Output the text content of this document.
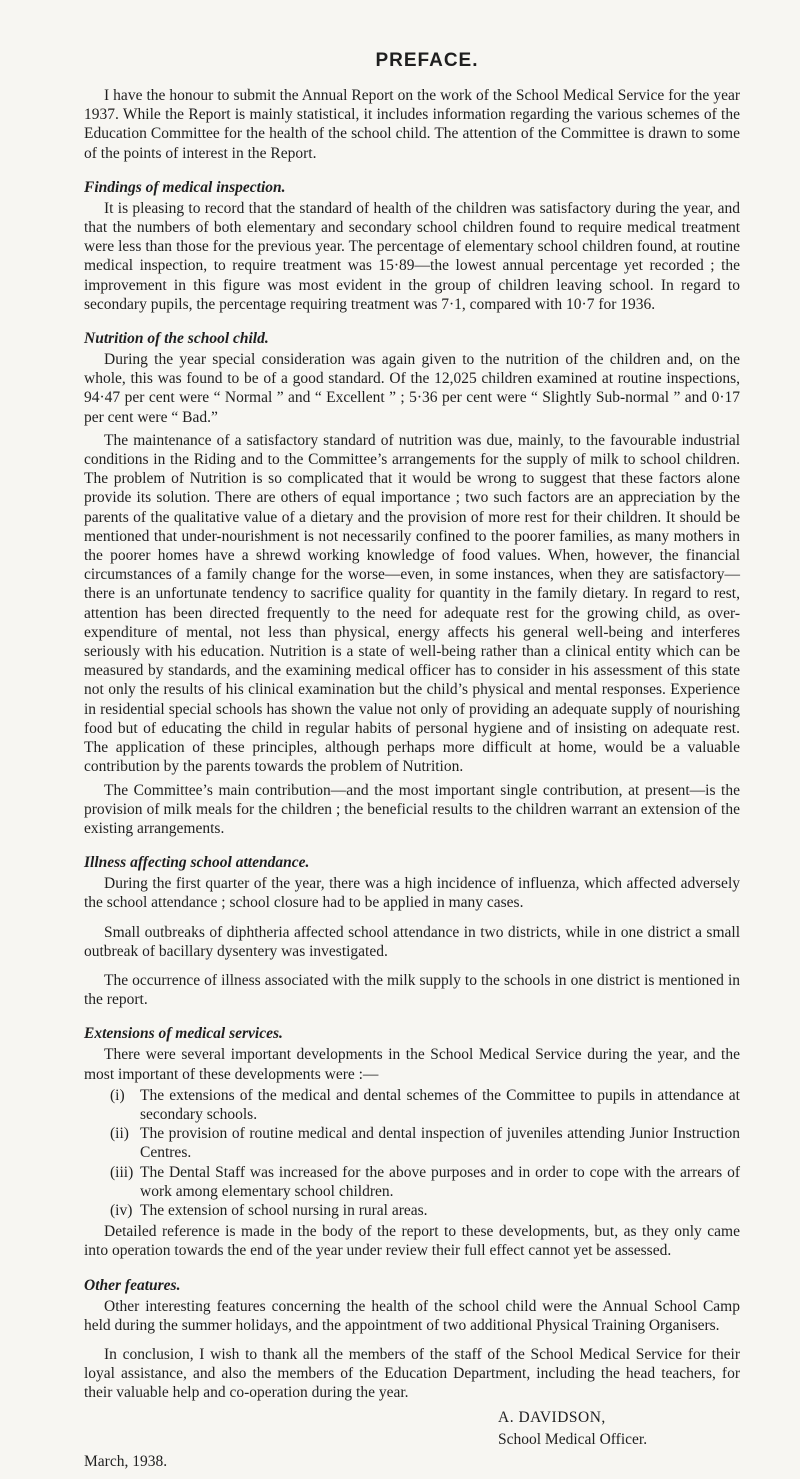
PREFACE.

I have the honour to submit the Annual Report on the work of the School Medical Service for the year 1937. While the Report is mainly statistical, it includes information regarding the various schemes of the Education Committee for the health of the school child. The attention of the Committee is drawn to some of the points of interest in the Report.

Findings of medical inspection.

It is pleasing to record that the standard of health of the children was satisfactory during the year, and that the numbers of both elementary and secondary school children found to require medical treatment were less than those for the previous year. The percentage of elementary school children found, at routine medical inspection, to require treatment was 15·89—the lowest annual percentage yet recorded ; the improvement in this figure was most evident in the group of children leaving school. In regard to secondary pupils, the percentage requiring treatment was 7·1, compared with 10·7 for 1936.

Nutrition of the school child.

During the year special consideration was again given to the nutrition of the children and, on the whole, this was found to be of a good standard. Of the 12,025 children examined at routine inspections, 94·47 per cent were “ Normal ” and “ Excellent ” ; 5·36 per cent were “ Slightly Sub-normal ” and 0·17 per cent were “ Bad.”

The maintenance of a satisfactory standard of nutrition was due, mainly, to the favourable industrial conditions in the Riding and to the Committee’s arrangements for the supply of milk to school children. The problem of Nutrition is so complicated that it would be wrong to suggest that these factors alone provide its solution. There are others of equal importance ; two such factors are an appreciation by the parents of the qualitative value of a dietary and the provision of more rest for their children. It should be mentioned that under-nourishment is not necessarily confined to the poorer families, as many mothers in the poorer homes have a shrewd working knowledge of food values. When, however, the financial circumstances of a family change for the worse—even, in some instances, when they are satisfactory—there is an unfortunate tendency to sacrifice quality for quantity in the family dietary. In regard to rest, attention has been directed frequently to the need for adequate rest for the growing child, as over-expenditure of mental, not less than physical, energy affects his general well-being and interferes seriously with his education. Nutrition is a state of well-being rather than a clinical entity which can be measured by standards, and the examining medical officer has to consider in his assessment of this state not only the results of his clinical examination but the child’s physical and mental responses. Experience in residential special schools has shown the value not only of providing an adequate supply of nourishing food but of educating the child in regular habits of personal hygiene and of insisting on adequate rest. The application of these principles, although perhaps more difficult at home, would be a valuable contribution by the parents towards the problem of Nutrition.

The Committee’s main contribution—and the most important single contribution, at present—is the provision of milk meals for the children ; the beneficial results to the children warrant an extension of the existing arrangements.

Illness affecting school attendance.

During the first quarter of the year, there was a high incidence of influenza, which affected adversely the school attendance ; school closure had to be applied in many cases.

Small outbreaks of diphtheria affected school attendance in two districts, while in one district a small outbreak of bacillary dysentery was investigated.

The occurrence of illness associated with the milk supply to the schools in one district is mentioned in the report.

Extensions of medical services.

There were several important developments in the School Medical Service during the year, and the most important of these developments were :—

(i) The extensions of the medical and dental schemes of the Committee to pupils in attendance at secondary schools.
(ii) The provision of routine medical and dental inspection of juveniles attending Junior Instruction Centres.
(iii) The Dental Staff was increased for the above purposes and in order to cope with the arrears of work among elementary school children.
(iv) The extension of school nursing in rural areas.

Detailed reference is made in the body of the report to these developments, but, as they only came into operation towards the end of the year under review their full effect cannot yet be assessed.

Other features.

Other interesting features concerning the health of the school child were the Annual School Camp held during the summer holidays, and the appointment of two additional Physical Training Organisers.

In conclusion, I wish to thank all the members of the staff of the School Medical Service for their loyal assistance, and also the members of the Education Department, including the head teachers, for their valuable help and co-operation during the year.

A. DAVIDSON,
School Medical Officer.
March, 1938.
